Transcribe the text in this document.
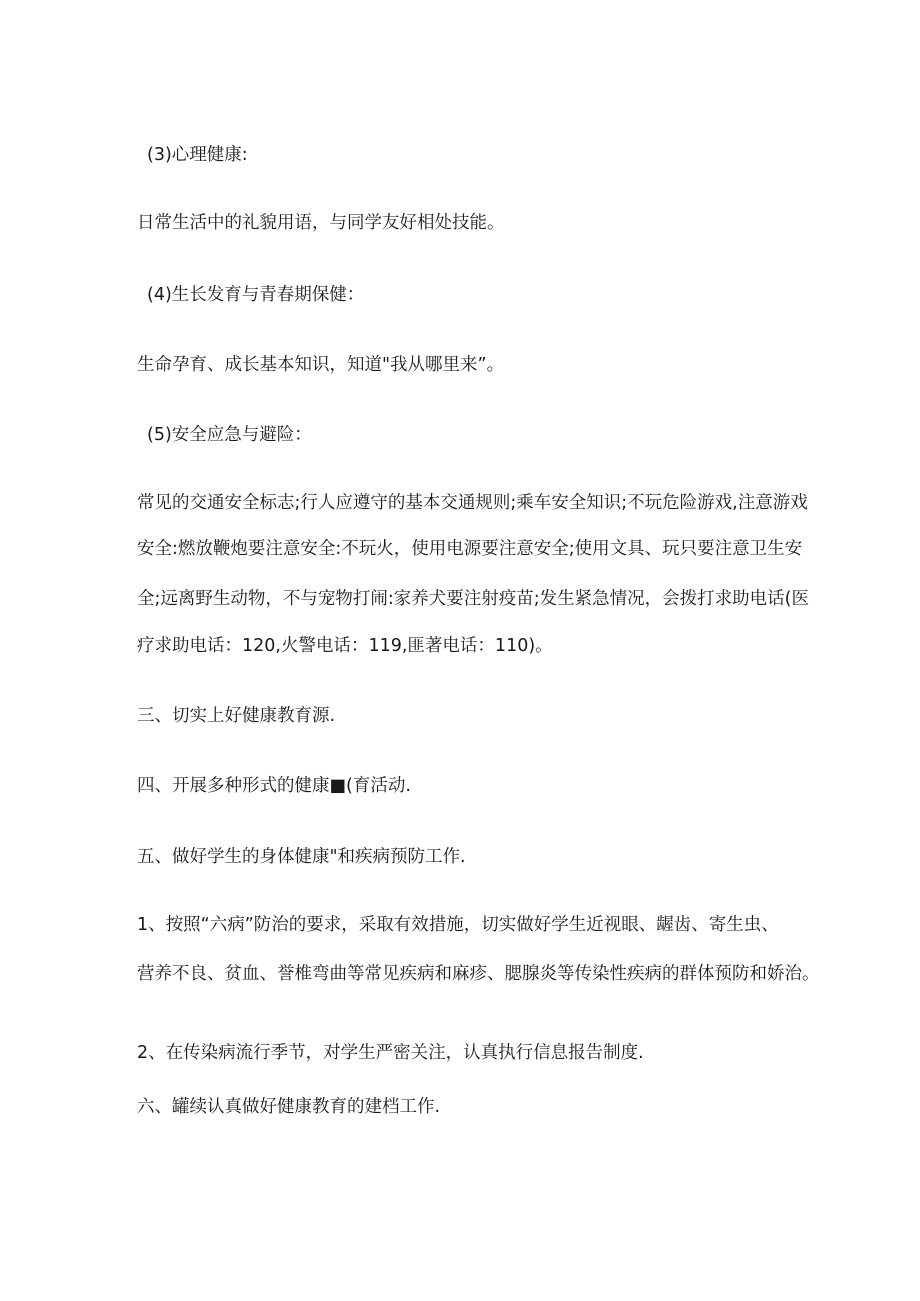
(3)心理健康:
日常生活中的礼貌用语，与同学友好相处技能。
(4)生长发育与青春期保健：
生命孕育、成长基本知识，知道"我从哪里来”。
(5)安全应急与避险：
常见的交通安全标志;行人应遵守的基本交通规则;乘车安全知识;不玩危险游戏,注意游戏
安全:燃放鞭炮要注意安全:不玩火，使用电源要注意安全;使用文具、玩只要注意卫生安
全;远离野生动物，不与宠物打闹:家养犬要注射疫苗;发生紧急情况，会拨打求助电话(医
疗求助电话：120,火警电话：119,匪著电话：110)。
三、切实上好健康教育源.
四、开展多种形式的健康■(育活动.
五、做好学生的身体健康"和疾病预防工作.
1、按照“六病”防治的要求，采取有效措施，切实做好学生近视眼、龌齿、寄生虫、
营养不良、贫血、誉椎弯曲等常见疾病和麻疹、腮腺炎等传染性疾病的群体预防和娇治。
2、在传染病流行季节，对学生严密关注，认真执行信息报告制度.
六、罐续认真做好健康教育的建档工作.
